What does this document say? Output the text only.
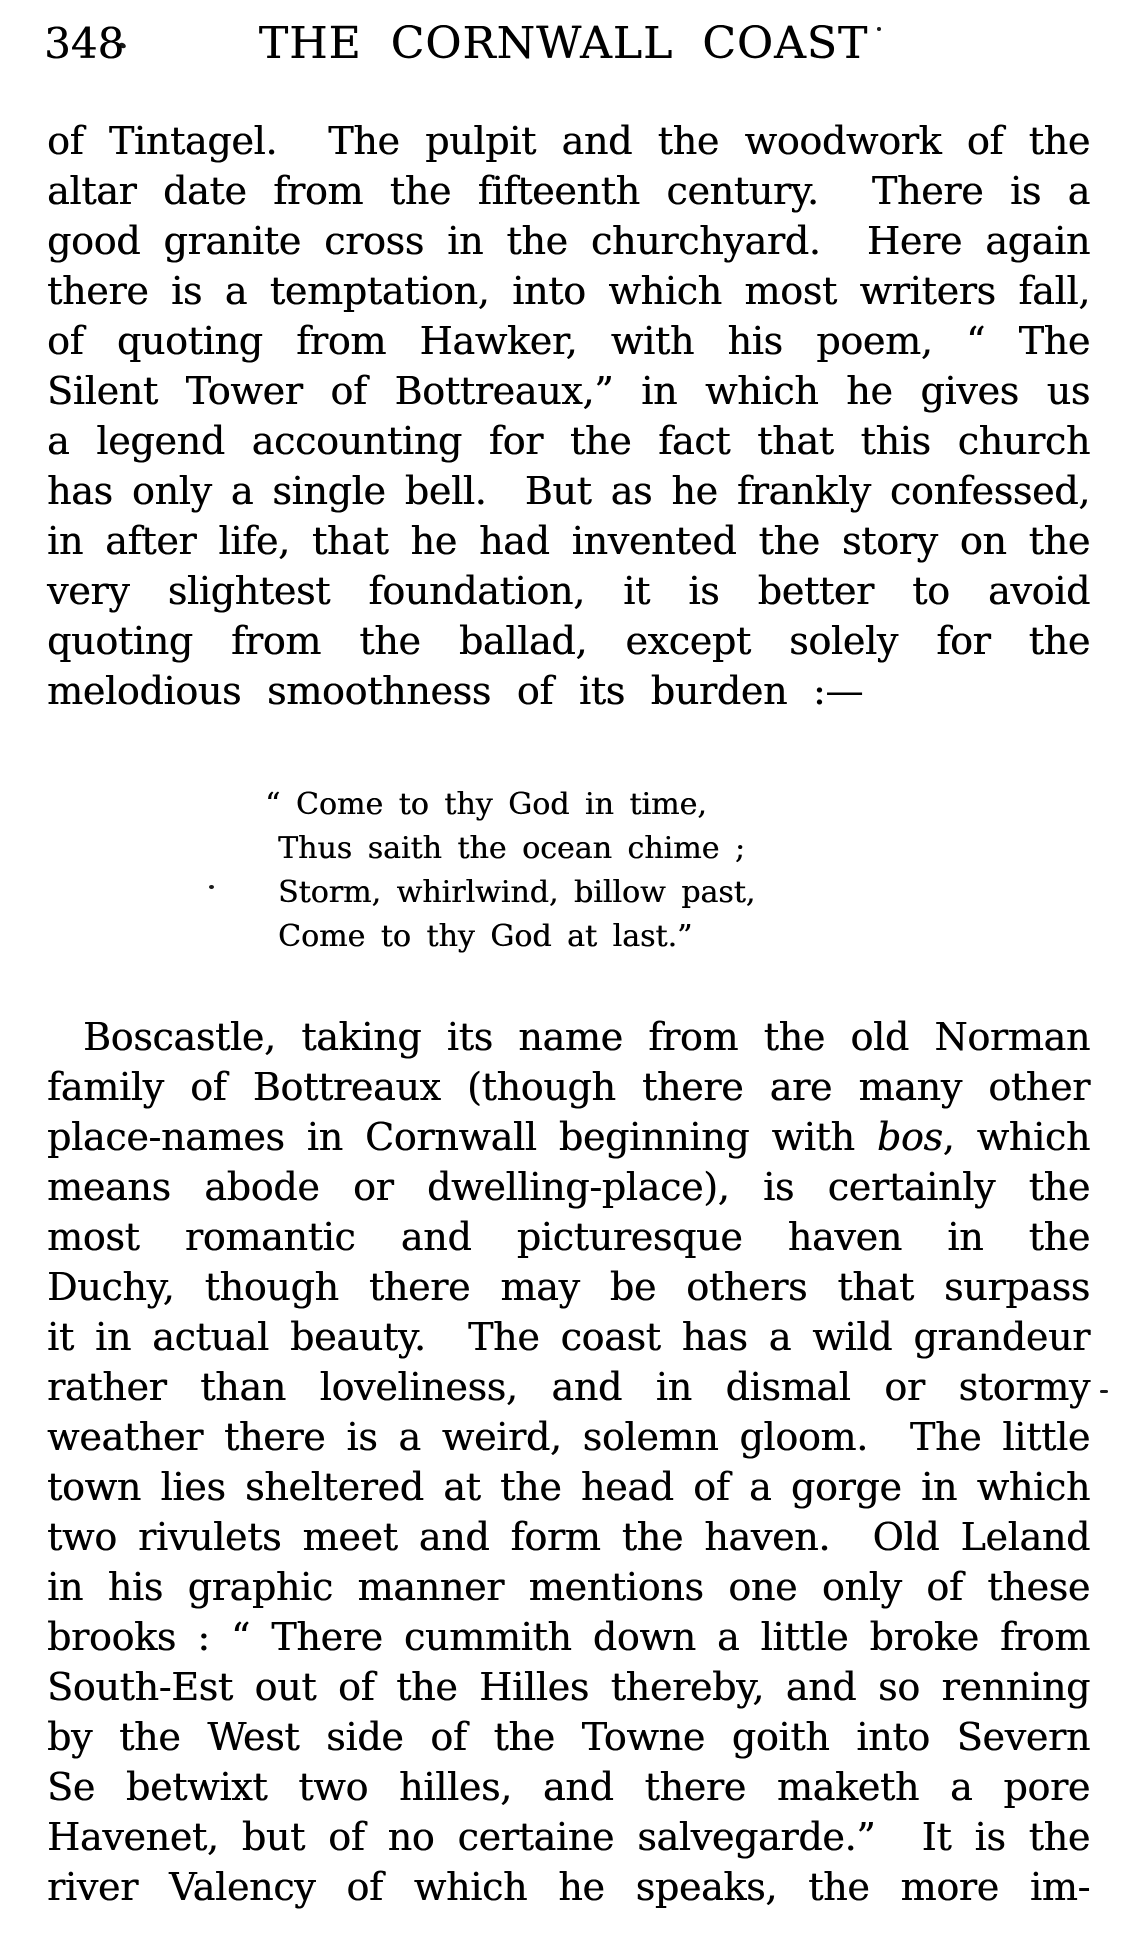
348	THE CORNWALL COAST
of Tintagel.  The pulpit and the woodwork of the
altar date from the fifteenth century.  There is a
good granite cross in the churchyard.  Here again
there is a temptation, into which most writers fall,
of quoting from Hawker, with his poem, “ The
Silent Tower of Bottreaux,” in which he gives us
a legend accounting for the fact that this church
has only a single bell.  But as he frankly confessed,
in after life, that he had invented the story on the
very slightest foundation, it is better to avoid
quoting from the ballad, except solely for the
melodious smoothness of its burden :—
“ Come to thy God in time,
Thus saith the ocean chime ;
Storm, whirlwind, billow past,
Come to thy God at last.”
Boscastle, taking its name from the old Norman
family of Bottreaux (though there are many other
place-names in Cornwall beginning with bos, which
means abode or dwelling-place), is certainly the
most romantic and picturesque haven in the
Duchy, though there may be others that surpass
it in actual beauty.  The coast has a wild grandeur
rather than loveliness, and in dismal or stormy
weather there is a weird, solemn gloom.  The little
town lies sheltered at the head of a gorge in which
two rivulets meet and form the haven.  Old Leland
in his graphic manner mentions one only of these
brooks : “ There cummith down a little broke from
South-Est out of the Hilles thereby, and so renning
by the West side of the Towne goith into Severn
Se betwixt two hilles, and there maketh a pore
Havenet, but of no certaine salvegarde.”  It is the
river Valency of which he speaks, the more im-
